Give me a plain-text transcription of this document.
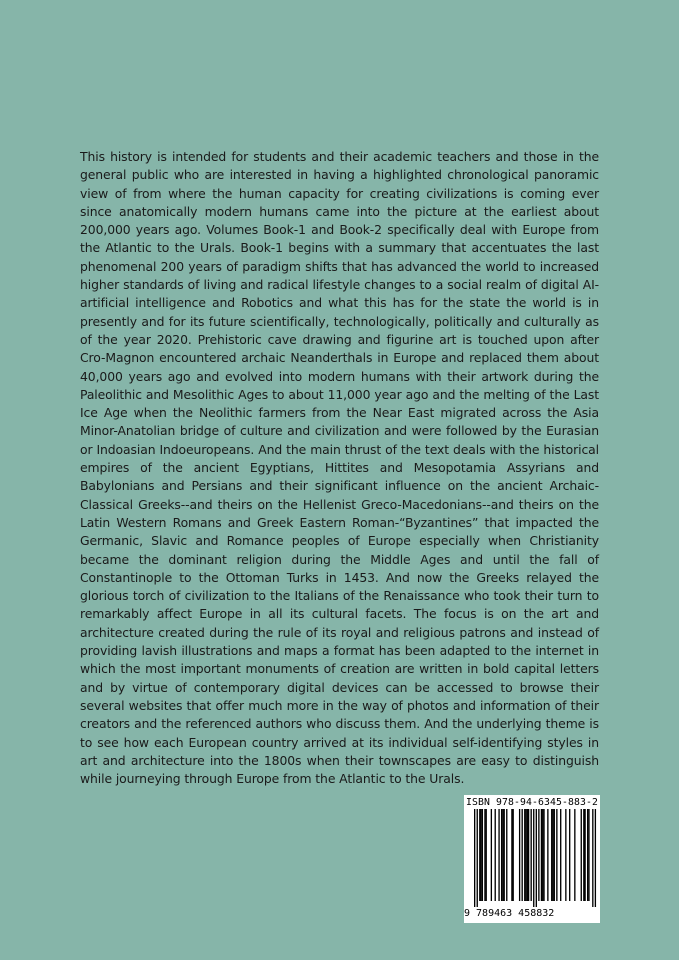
This history is intended for students and their academic teachers and those in the general public who are interested in having a highlighted chronological panoramic view of from where the human capacity for creating civilizations is coming ever since anatomically modern humans came into the picture at the earliest about 200,000 years ago. Volumes Book-1 and Book-2 specifically deal with Europe from the Atlantic to the Urals. Book-1 begins with a summary that accentuates the last phenomenal 200 years of paradigm shifts that has advanced the world to increased higher standards of living and radical lifestyle changes to a social realm of digital AI-artificial intelligence and Robotics and what this has for the state the world is in presently and for its future scientifically, technologically, politically and culturally as of the year 2020. Prehistoric cave drawing and figurine art is touched upon after Cro-Magnon encountered archaic Neanderthals in Europe and replaced them about 40,000 years ago and evolved into modern humans with their artwork during the Paleolithic and Mesolithic Ages to about 11,000 year ago and the melting of the Last Ice Age when the Neolithic farmers from the Near East migrated across the Asia Minor-Anatolian bridge of culture and civilization and were followed by the Eurasian or Indoasian Indoeuropeans. And the main thrust of the text deals with the historical empires of the ancient Egyptians, Hittites and Mesopotamia Assyrians and Babylonians and Persians and their significant influence on the ancient Archaic-Classical Greeks--and theirs on the Hellenist Greco-Macedonians--and theirs on the Latin Western Romans and Greek Eastern Roman-“Byzantines” that impacted the Germanic, Slavic and Romance peoples of Europe especially when Christianity became the dominant religion during the Middle Ages and until the fall of Constantinople to the Ottoman Turks in 1453. And now the Greeks relayed the glorious torch of civilization to the Italians of the Renaissance who took their turn to remarkably affect Europe in all its cultural facets. The focus is on the art and architecture created during the rule of its royal and religious patrons and instead of providing lavish illustrations and maps a format has been adapted to the internet in which the most important monuments of creation are written in bold capital letters and by virtue of contemporary digital devices can be accessed to browse their several websites that offer much more in the way of photos and information of their creators and the referenced authors who discuss them. And the underlying theme is to see how each European country arrived at its individual self-identifying styles in art and architecture into the 1800s when their townscapes are easy to distinguish while journeying through Europe from the Atlantic to the Urals.

ISBN 978-94-6345-883-2
9 789463 458832
